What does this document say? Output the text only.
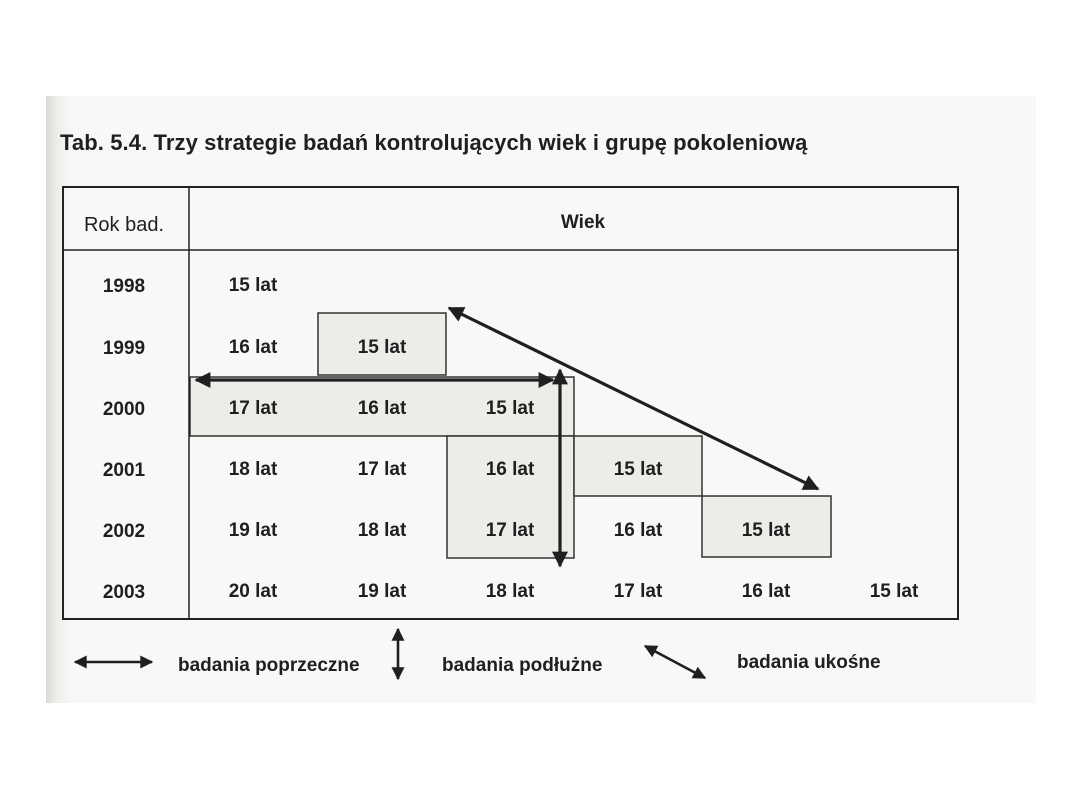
Tab. 5.4. Trzy strategie badań kontrolujących wiek i grupę pokoleniową
Rok bad.	Wiek
1998	15 lat
1999	16 lat	15 lat
2000	17 lat	16 lat	15 lat
2001	18 lat	17 lat	16 lat	15 lat
2002	19 lat	18 lat	17 lat	16 lat	15 lat
2003	20 lat	19 lat	18 lat	17 lat	16 lat	15 lat
badania poprzeczne	badania podłużne	badania ukośne
